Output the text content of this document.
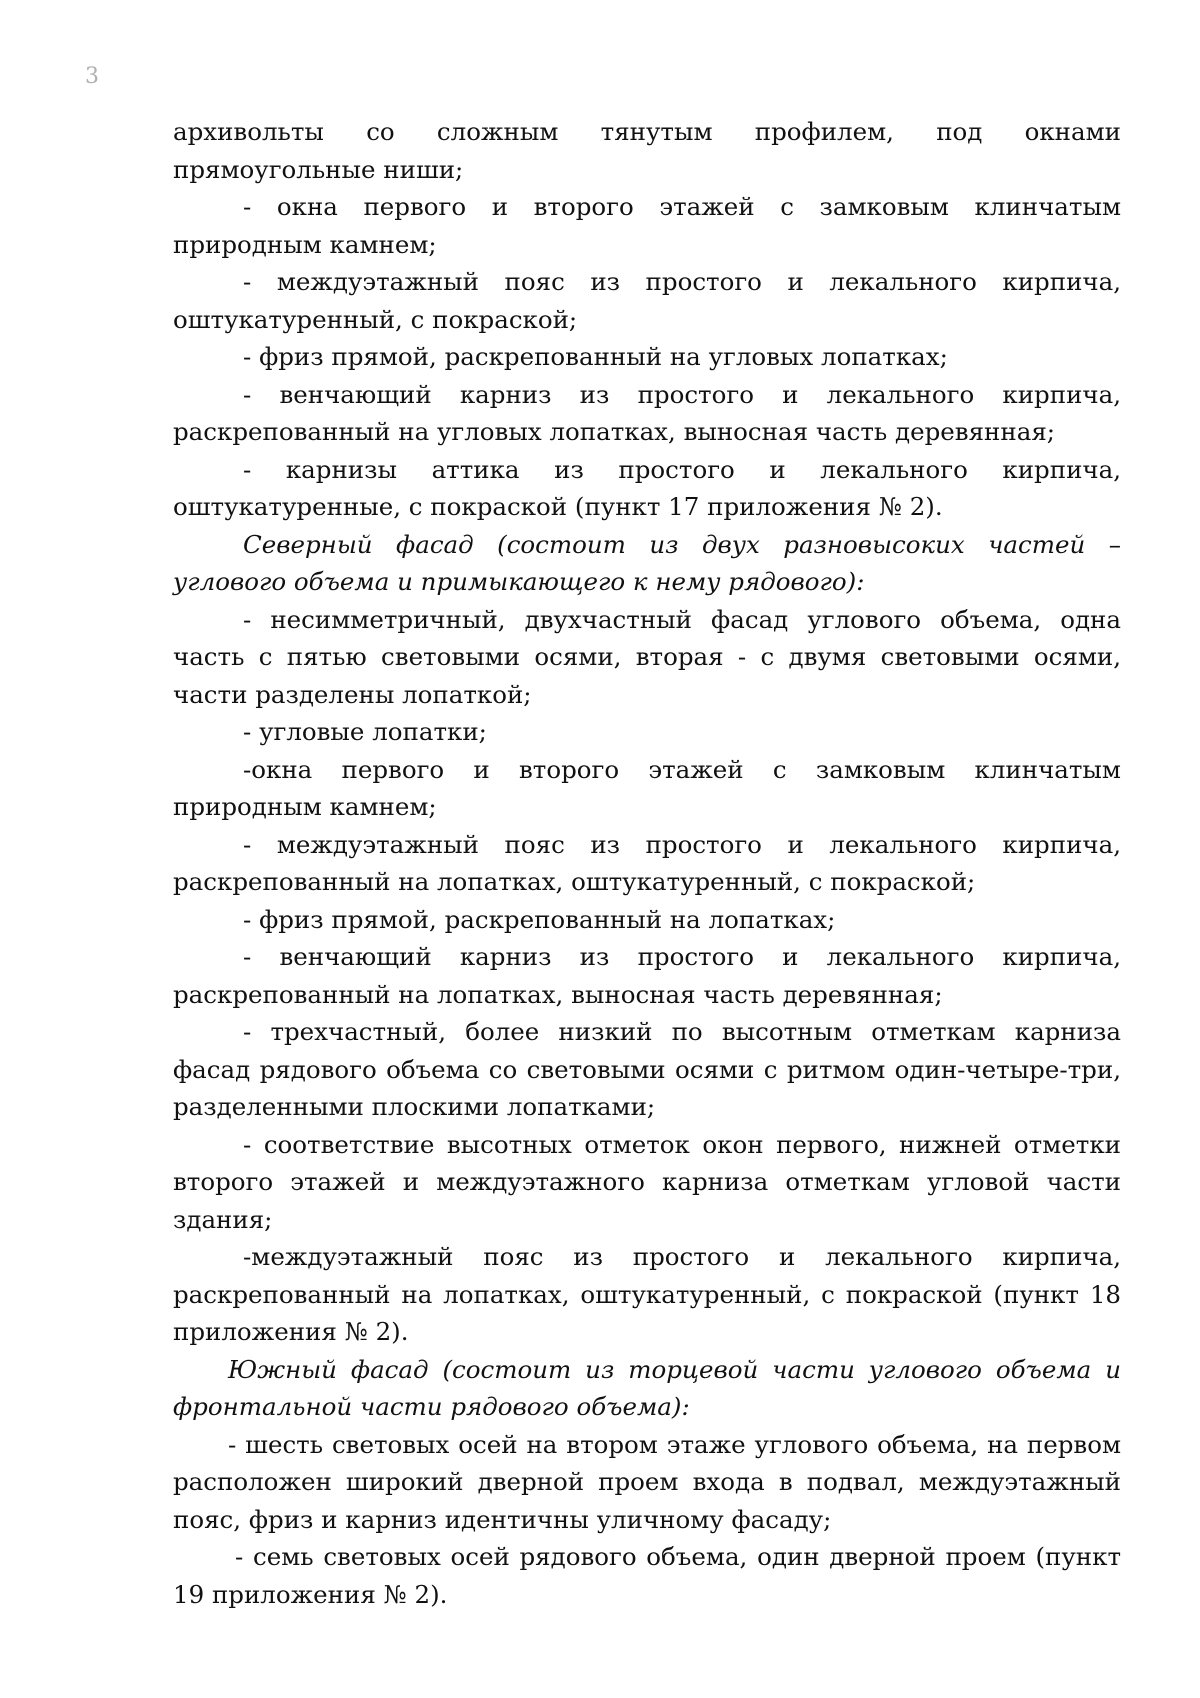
3

архивольты со сложным тянутым профилем, под окнами прямоугольные ниши;

- окна первого и второго этажей с замковым клинчатым природным камнем;

- междуэтажный пояс из простого и лекального кирпича, оштукатуренный, с покраской;

- фриз прямой, раскрепованный на угловых лопатках;

- венчающий карниз из простого и лекального кирпича, раскрепованный на угловых лопатках, выносная часть деревянная;

- карнизы аттика из простого и лекального кирпича, оштукатуренные, с покраской (пункт 17 приложения № 2).

Северный фасад (состоит из двух разновысоких частей – углового объема и примыкающего к нему рядового):

- несимметричный, двухчастный фасад углового объема, одна часть с пятью световыми осями, вторая - с двумя световыми осями, части разделены лопаткой;

- угловые лопатки;

-окна первого и второго этажей с замковым клинчатым природным камнем;

- междуэтажный пояс из простого и лекального кирпича, раскрепованный на лопатках, оштукатуренный, с покраской;

- фриз прямой, раскрепованный на лопатках;

- венчающий карниз из простого и лекального кирпича, раскрепованный на лопатках, выносная часть деревянная;

- трехчастный, более низкий по высотным отметкам карниза фасад рядового объема со световыми осями с ритмом один-четыре-три, разделенными плоскими лопатками;

- соответствие высотных отметок окон первого, нижней отметки второго этажей и междуэтажного карниза отметкам угловой части здания;

-междуэтажный пояс из простого и лекального кирпича, раскрепованный на лопатках, оштукатуренный, с покраской (пункт 18 приложения № 2).

Южный фасад (состоит из торцевой части углового объема и фронтальной части рядового объема):

- шесть световых осей на втором этаже углового объема, на первом расположен широкий дверной проем входа в подвал, междуэтажный пояс, фриз и карниз идентичны уличному фасаду;

- семь световых осей рядового объема, один дверной проем (пункт 19 приложения № 2).
